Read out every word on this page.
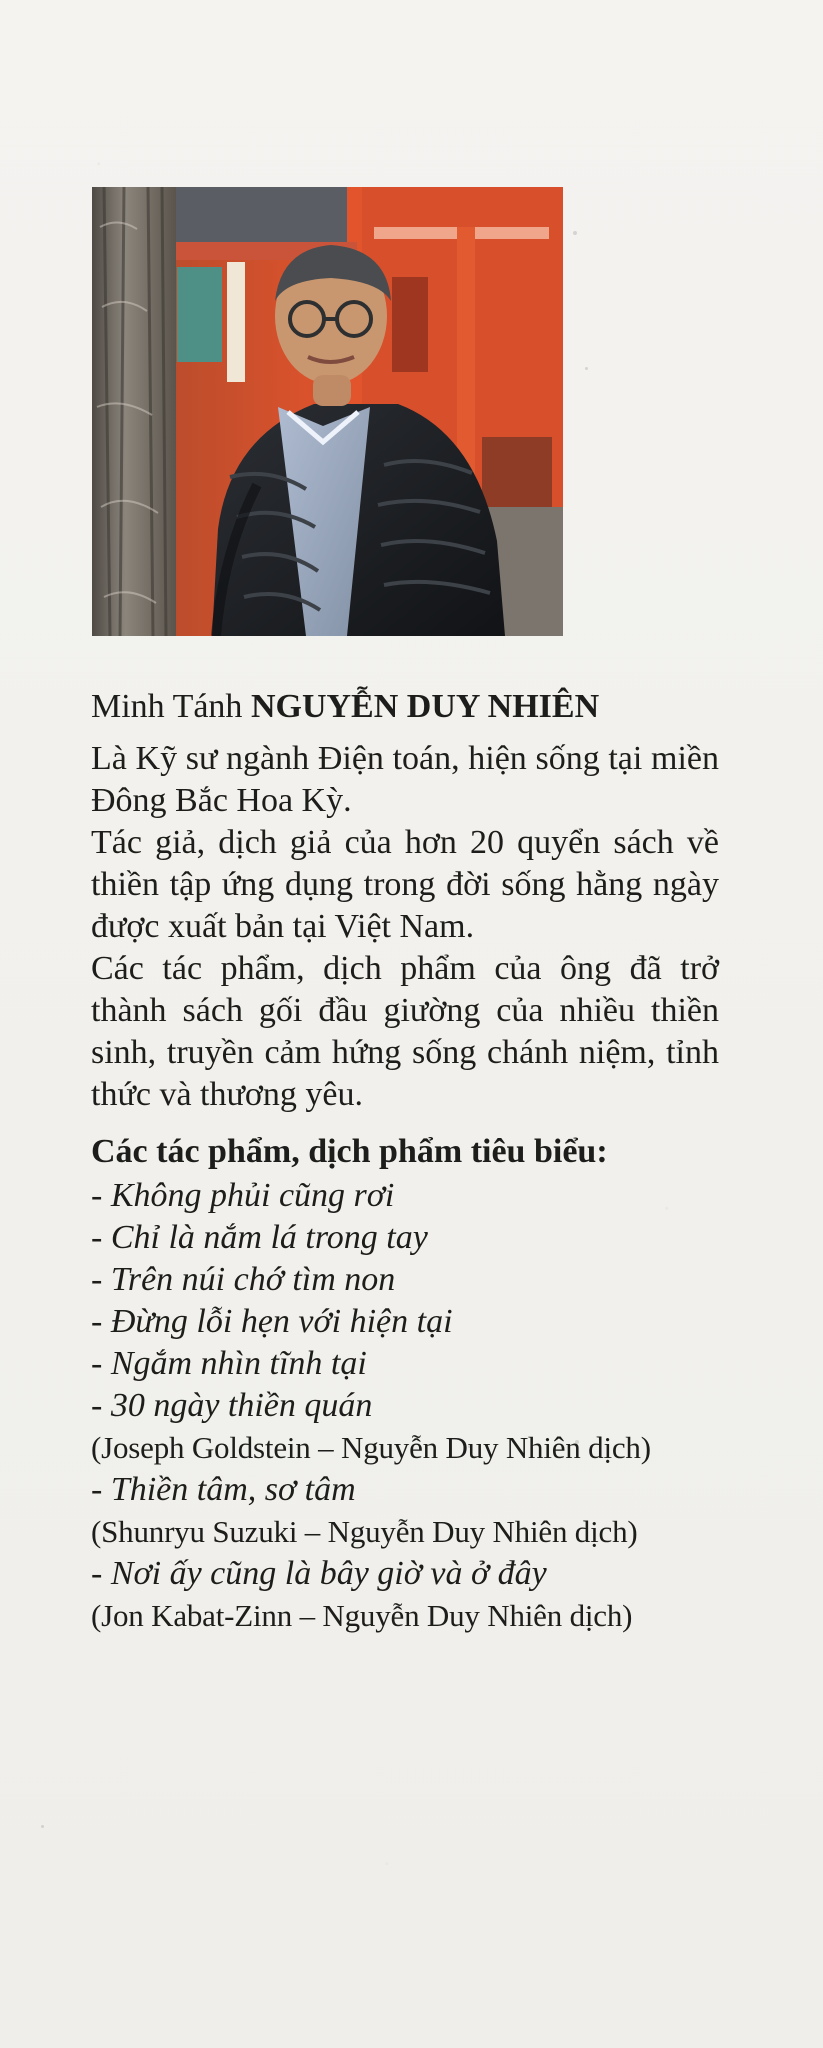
Minh Tánh NGUYỄN DUY NHIÊN

Là Kỹ sư ngành Điện toán, hiện sống tại miền Đông Bắc Hoa Kỳ.

Tác giả, dịch giả của hơn 20 quyển sách về thiền tập ứng dụng trong đời sống hằng ngày được xuất bản tại Việt Nam.

Các tác phẩm, dịch phẩm của ông đã trở thành sách gối đầu giường của nhiều thiền sinh, truyền cảm hứng sống chánh niệm, tỉnh thức và thương yêu.

Các tác phẩm, dịch phẩm tiêu biểu:
- Không phủi cũng rơi
- Chỉ là nắm lá trong tay
- Trên núi chớ tìm non
- Đừng lỗi hẹn với hiện tại
- Ngắm nhìn tĩnh tại
- 30 ngày thiền quán
(Joseph Goldstein – Nguyễn Duy Nhiên dịch)
- Thiền tâm, sơ tâm
(Shunryu Suzuki – Nguyễn Duy Nhiên dịch)
- Nơi ấy cũng là bây giờ và ở đây
(Jon Kabat-Zinn – Nguyễn Duy Nhiên dịch)
